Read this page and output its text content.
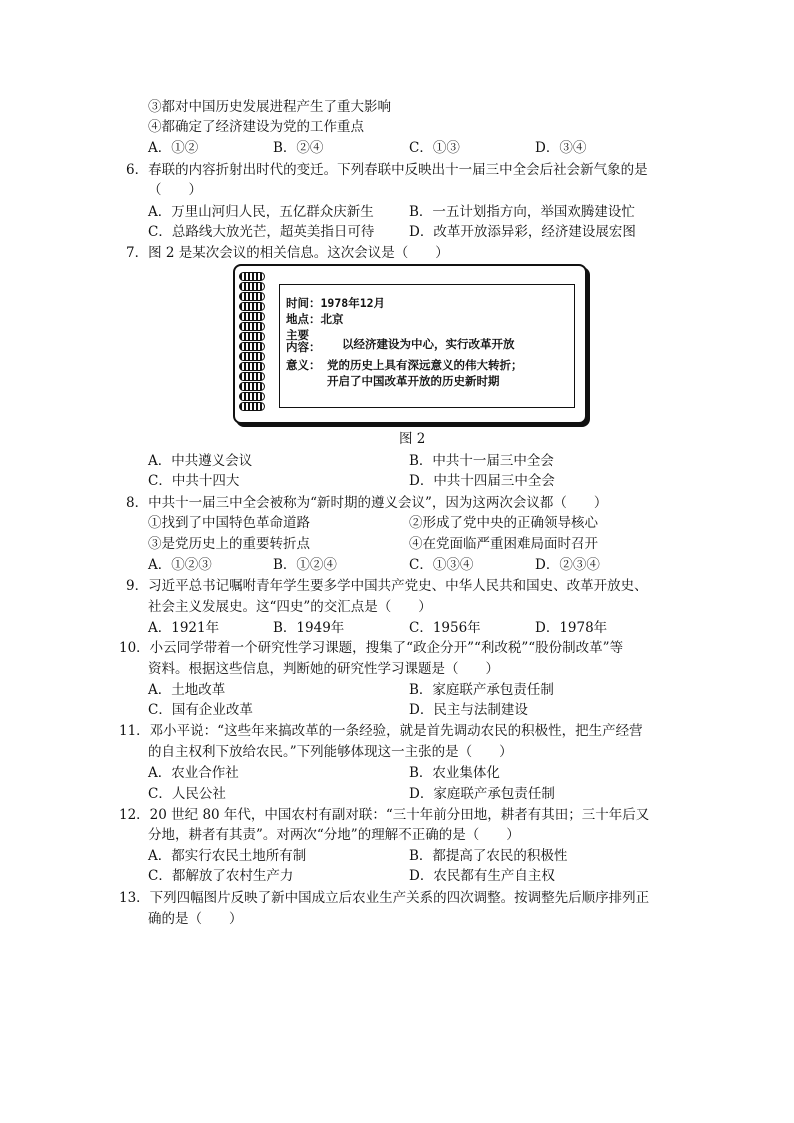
③都对中国历史发展进程产生了重大影响
④都确定了经济建设为党的工作重点
A．①②	B．②④	C．①③	D．③④
6．春联的内容折射出时代的变迁。下列春联中反映出十一届三中全会后社会新气象的是
（　　）
A．万里山河归人民，五亿群众庆新生	B．一五计划指方向，举国欢腾建设忙
C．总路线大放光芒，超英美指日可待	D．改革开放添异彩，经济建设展宏图
7．图 2 是某次会议的相关信息。这次会议是（　　）
时间：1978年12月
地点：北京
主要
内容： 以经济建设为中心，实行改革开放
意义： 党的历史上具有深远意义的伟大转折；
开启了中国改革开放的历史新时期
图 2
A．中共遵义会议	B．中共十一届三中全会
C．中共十四大	D．中共十四届三中全会
8．中共十一届三中全会被称为“新时期的遵义会议”，因为这两次会议都（　　）
①找到了中国特色革命道路	②形成了党中央的正确领导核心
③是党历史上的重要转折点	④在党面临严重困难局面时召开
A．①②③	B．①②④	C．①③④	D．②③④
9．习近平总书记嘱咐青年学生要多学中国共产党史、中华人民共和国史、改革开放史、
社会主义发展史。这“四史”的交汇点是（　　）
A．1921年	B．1949年	C．1956年	D．1978年
10．小云同学带着一个研究性学习课题，搜集了“政企分开”“利改税”“股份制改革”等
资料。根据这些信息，判断她的研究性学习课题是（　　）
A．土地改革	B．家庭联产承包责任制
C．国有企业改革	D．民主与法制建设
11．邓小平说：“这些年来搞改革的一条经验，就是首先调动农民的积极性，把生产经营
的自主权利下放给农民。”下列能够体现这一主张的是（　　）
A．农业合作社	B．农业集体化
C．人民公社	D．家庭联产承包责任制
12．20 世纪 80 年代，中国农村有副对联：“三十年前分田地，耕者有其田；三十年后又
分地，耕者有其责”。对两次“分地”的理解不正确的是（　　）
A．都实行农民土地所有制	B．都提高了农民的积极性
C．都解放了农村生产力	D．农民都有生产自主权
13．下列四幅图片反映了新中国成立后农业生产关系的四次调整。按调整先后顺序排列正
确的是（　　）
